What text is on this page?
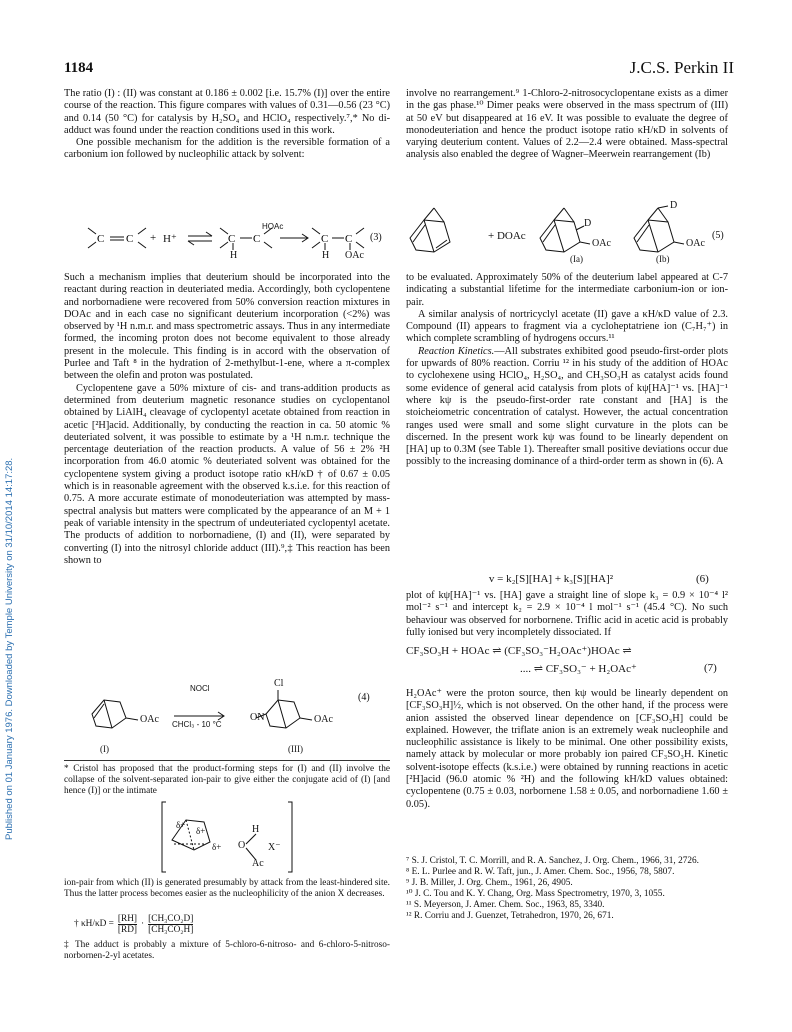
1184	J.C.S. Perkin II
Published on 01 January 1976. Downloaded by Temple University on 31/10/2014 14:17:28.

The ratio (I) : (II) was constant at 0.186 ± 0.002 [i.e. 15.7% (I)] over the entire course of the reaction. This figure compares with values of 0.31—0.56 (23 °C) and 0.14 (50 °C) for catalysis by H₂SO₄ and HClO₄ respectively.⁷,* No di-adduct was found under the reaction conditions used in this work.

One possible mechanism for the addition is the reversible formation of a carbonium ion followed by nucleophilic attack by solvent:

C C	C C	C C
+ H⁺
HOAc
H	H OAc
(3)

Such a mechanism implies that deuterium should be incorporated into the reactant during reaction in deuteriated media. Accordingly, both cyclopentene and norbornadiene were recovered from 50% conversion reaction mixtures in DOAc and in each case no significant deuterium incorporation (<2%) was observed by ¹H n.m.r. and mass spectrometric assays. Thus in any intermediate formed, the incoming proton does not become equivalent to those already present in the molecule. This finding is in accord with the observation of Purlee and Taft ⁸ in the hydration of 2-methylbut-1-ene, where a π-complex between the olefin and proton was postulated.

Cyclopentene gave a 50% mixture of cis- and trans-addition products as determined from deuterium magnetic resonance studies on cyclopentanol obtained by LiAlH₄ cleavage of cyclopentyl acetate obtained from reaction in acetic [²H]acid. Additionally, by conducting the reaction in ca. 50 atomic % deuteriated solvent, it was possible to estimate by a ¹H n.m.r. technique the percentage deuteriation of the reaction products. A value of 56 ± 2% ²H incorporation from 46.0 atomic % deuteriated solvent was obtained for the cyclopentene system giving a product isotope ratio κH/κD † of 0.67 ± 0.05 which is in reasonable agreement with the observed k.s.i.e. for this reaction of 0.75. A more accurate estimate of monodeuteriation was attempted by mass-spectral analysis but matters were complicated by the appearance of an M + 1 peak of variable intensity in the spectrum of undeuteriated cyclopentyl acetate. The products of addition to norbornadiene, (I) and (II), were separated by converting (I) into the nitrosyl chloride adduct (III).⁹,‡ This reaction has been shown to

NOCl
CHCl₃ - 10 °C
OAc
(I)
Cl
ON	OAc
(III)
(4)
* Cristol has proposed that the product-forming steps for (I) and (II) involve the collapse of the solvent-separated ion-pair to give either the conjugate acid of (I) [and hence (I)] or the intimate
δ+
δ+
δ+ O
H
X⁻
Ac
ion-pair from which (II) is generated presumably by attack from the least-hindered site. Thus the latter process becomes easier as the nucleophilicity of the anion X decreases.
† $\kappa H/\kappa D = \frac{[RH]}{[RD]} \cdot \frac{\text{[CH₃CO₂D]}}{\text{[CH₃CO₂H]}}$
‡ The adduct is probably a mixture of 5-chloro-6-nitroso- and 6-chloro-5-nitroso-norbornen-2-yl acetates.
involve no rearrangement.⁹ 1-Chloro-2-nitrosocyclopentane exists as a dimer in the gas phase.¹⁰ Dimer peaks were observed in the mass spectrum of (III) at 50 eV but disappeared at 16 eV. It was possible to evaluate the degree of monodeuteriation and hence the product isotope ratio κH/κD in solvents of varying deuterium content. Values of 2.2—2.4 were obtained. Mass-spectral analysis also enabled the degree of Wagner–Meerwein rearrangement (Ib)
+ DOAc
D
OAc
(Ia)
D
OAc
(Ib)
(5)

to be evaluated. Approximately 50% of the deuterium label appeared at C-7 indicating a substantial lifetime for the intermediate carbonium-ion or ion-pair.

A similar analysis of nortricyclyl acetate (II) gave a κH/κD value of 2.3. Compound (II) appears to fragment via a cycloheptatriene ion (C₇H₇⁺) in which complete scrambling of hydrogens occurs.¹¹

Reaction Kinetics.—All substrates exhibited good pseudo-first-order plots for upwards of 80% reaction. Corriu ¹² in his study of the addition of HOAc to cyclohexene using HClO₄, H₂SO₄, and CH₃SO₃H as catalyst acids found some evidence of general acid catalysis from plots of kψ[HA]⁻¹ vs. [HA]⁻¹ where kψ is the pseudo-first-order rate constant and [HA] is the stoicheiometric concentration of catalyst. However, the actual concentration ranges used were small and some slight curvature in the plots can be discerned. In the present work kψ was found to be linearly dependent on [HA] up to 0.3M (see Table 1). Thereafter small positive deviations occur due possibly to the increasing dominance of a third-order term as shown in (6). A

v = k₂[S][HA] + k₃[S][HA]²	(6)
plot of kψ[HA]⁻¹ vs. [HA] gave a straight line of slope k₃ = 0.9 × 10⁻⁴ l² mol⁻² s⁻¹ and intercept k₂ = 2.9 × 10⁻⁴ l mol⁻¹ s⁻¹ (45.4 °C). No such behaviour was observed for norbornene. Triflic acid in acetic acid is probably fully ionised but very incompletely dissociated. If
CF₃SO₃H + HOAc ⇌ (CF₃SO₃⁻H₂OAc⁺)HOAc ⇌
.... ⇌ CF₃SO₃⁻ + H₂OAc⁺	(7)
H₂OAc⁺ were the proton source, then kψ would be linearly dependent on [CF₃SO₃H]½, which is not observed. On the other hand, if the process were anion assisted the observed linear dependence on [CF₃SO₃H] could be explained. However, the triflate anion is an extremely weak nucleophile and nucleophilic assistance is likely to be minimal. One other possibility exists, namely attack by molecular or more probably ion paired CF₃SO₃H. Kinetic solvent-isotope effects (k.s.i.e.) were obtained by running reactions in acetic [²H]acid (96.0 atomic % ²H) and the following kH/kD values obtained: cyclopentene (0.75 ± 0.03, norbornene 1.58 ± 0.05, and norbornadiene 1.60 ± 0.05).
⁷ S. J. Cristol, T. C. Morrill, and R. A. Sanchez, J. Org. Chem., 1966, 31, 2726.
⁸ E. L. Purlee and R. W. Taft, jun., J. Amer. Chem. Soc., 1956, 78, 5807.
⁹ J. B. Miller, J. Org. Chem., 1961, 26, 4905.
¹⁰ J. C. Tou and K. Y. Chang, Org. Mass Spectrometry, 1970, 3, 1055.
¹¹ S. Meyerson, J. Amer. Chem. Soc., 1963, 85, 3340.
¹² R. Corriu and J. Guenzet, Tetrahedron, 1970, 26, 671.
